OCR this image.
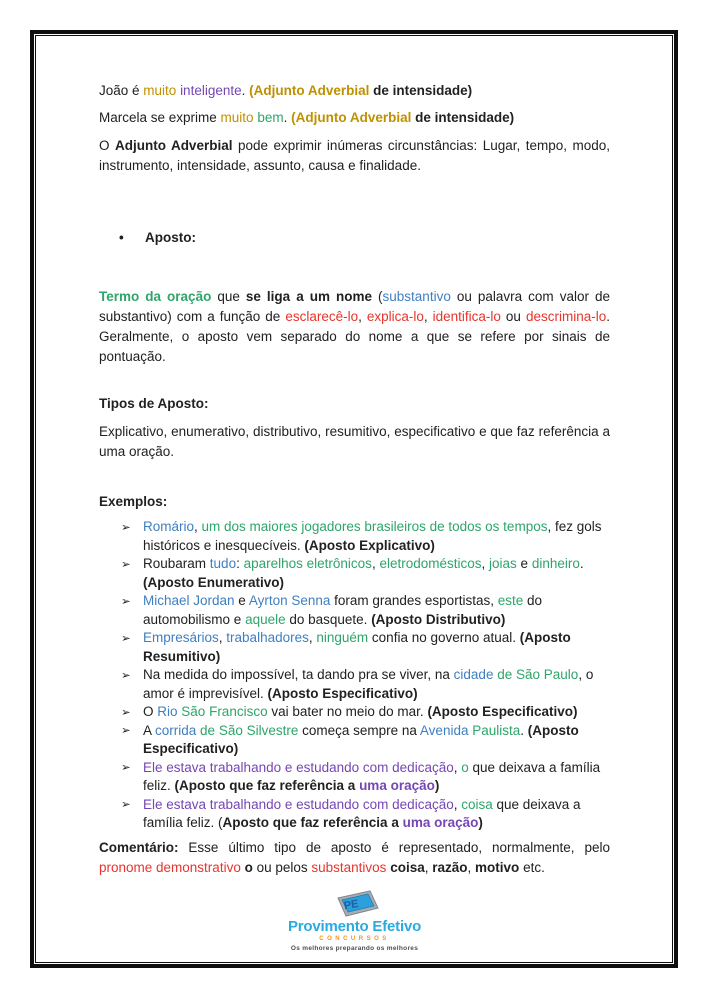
João é muito inteligente. (Adjunto Adverbial de intensidade)

Marcela se exprime muito bem. (Adjunto Adverbial de intensidade)

O Adjunto Adverbial pode exprimir inúmeras circunstâncias: Lugar, tempo, modo, instrumento, intensidade, assunto, causa e finalidade.

• Aposto:

Termo da oração que se liga a um nome (substantivo ou palavra com valor de substantivo) com a função de esclarecê-lo, explica-lo, identifica-lo ou descrimina-lo. Geralmente, o aposto vem separado do nome a que se refere por sinais de pontuação.

Tipos de Aposto:

Explicativo, enumerativo, distributivo, resumitivo, especificativo e que faz referência a uma oração.

Exemplos:
➢ Romário, um dos maiores jogadores brasileiros de todos os tempos, fez gols históricos e inesquecíveis. (Aposto Explicativo)
➢ Roubaram tudo: aparelhos eletrônicos, eletrodomésticos, joias e dinheiro. (Aposto Enumerativo)
➢ Michael Jordan e Ayrton Senna foram grandes esportistas, este do automobilismo e aquele do basquete. (Aposto Distributivo)
➢ Empresários, trabalhadores, ninguém confia no governo atual. (Aposto Resumitivo)
➢ Na medida do impossível, ta dando pra se viver, na cidade de São Paulo, o amor é imprevisível. (Aposto Especificativo)
➢ O Rio São Francisco vai bater no meio do mar. (Aposto Especificativo)
➢ A corrida de São Silvestre começa sempre na Avenida Paulista. (Aposto Especificativo)
➢ Ele estava trabalhando e estudando com dedicação, o que deixava a família feliz. (Aposto que faz referência a uma oração)
➢ Ele estava trabalhando e estudando com dedicação, coisa que deixava a família feliz. (Aposto que faz referência a uma oração)

Comentário: Esse último tipo de aposto é representado, normalmente, pelo pronome demonstrativo o ou pelos substantivos coisa, razão, motivo etc.

PE
Provimento Efetivo
CONCURSOS
Os melhores preparando os melhores
